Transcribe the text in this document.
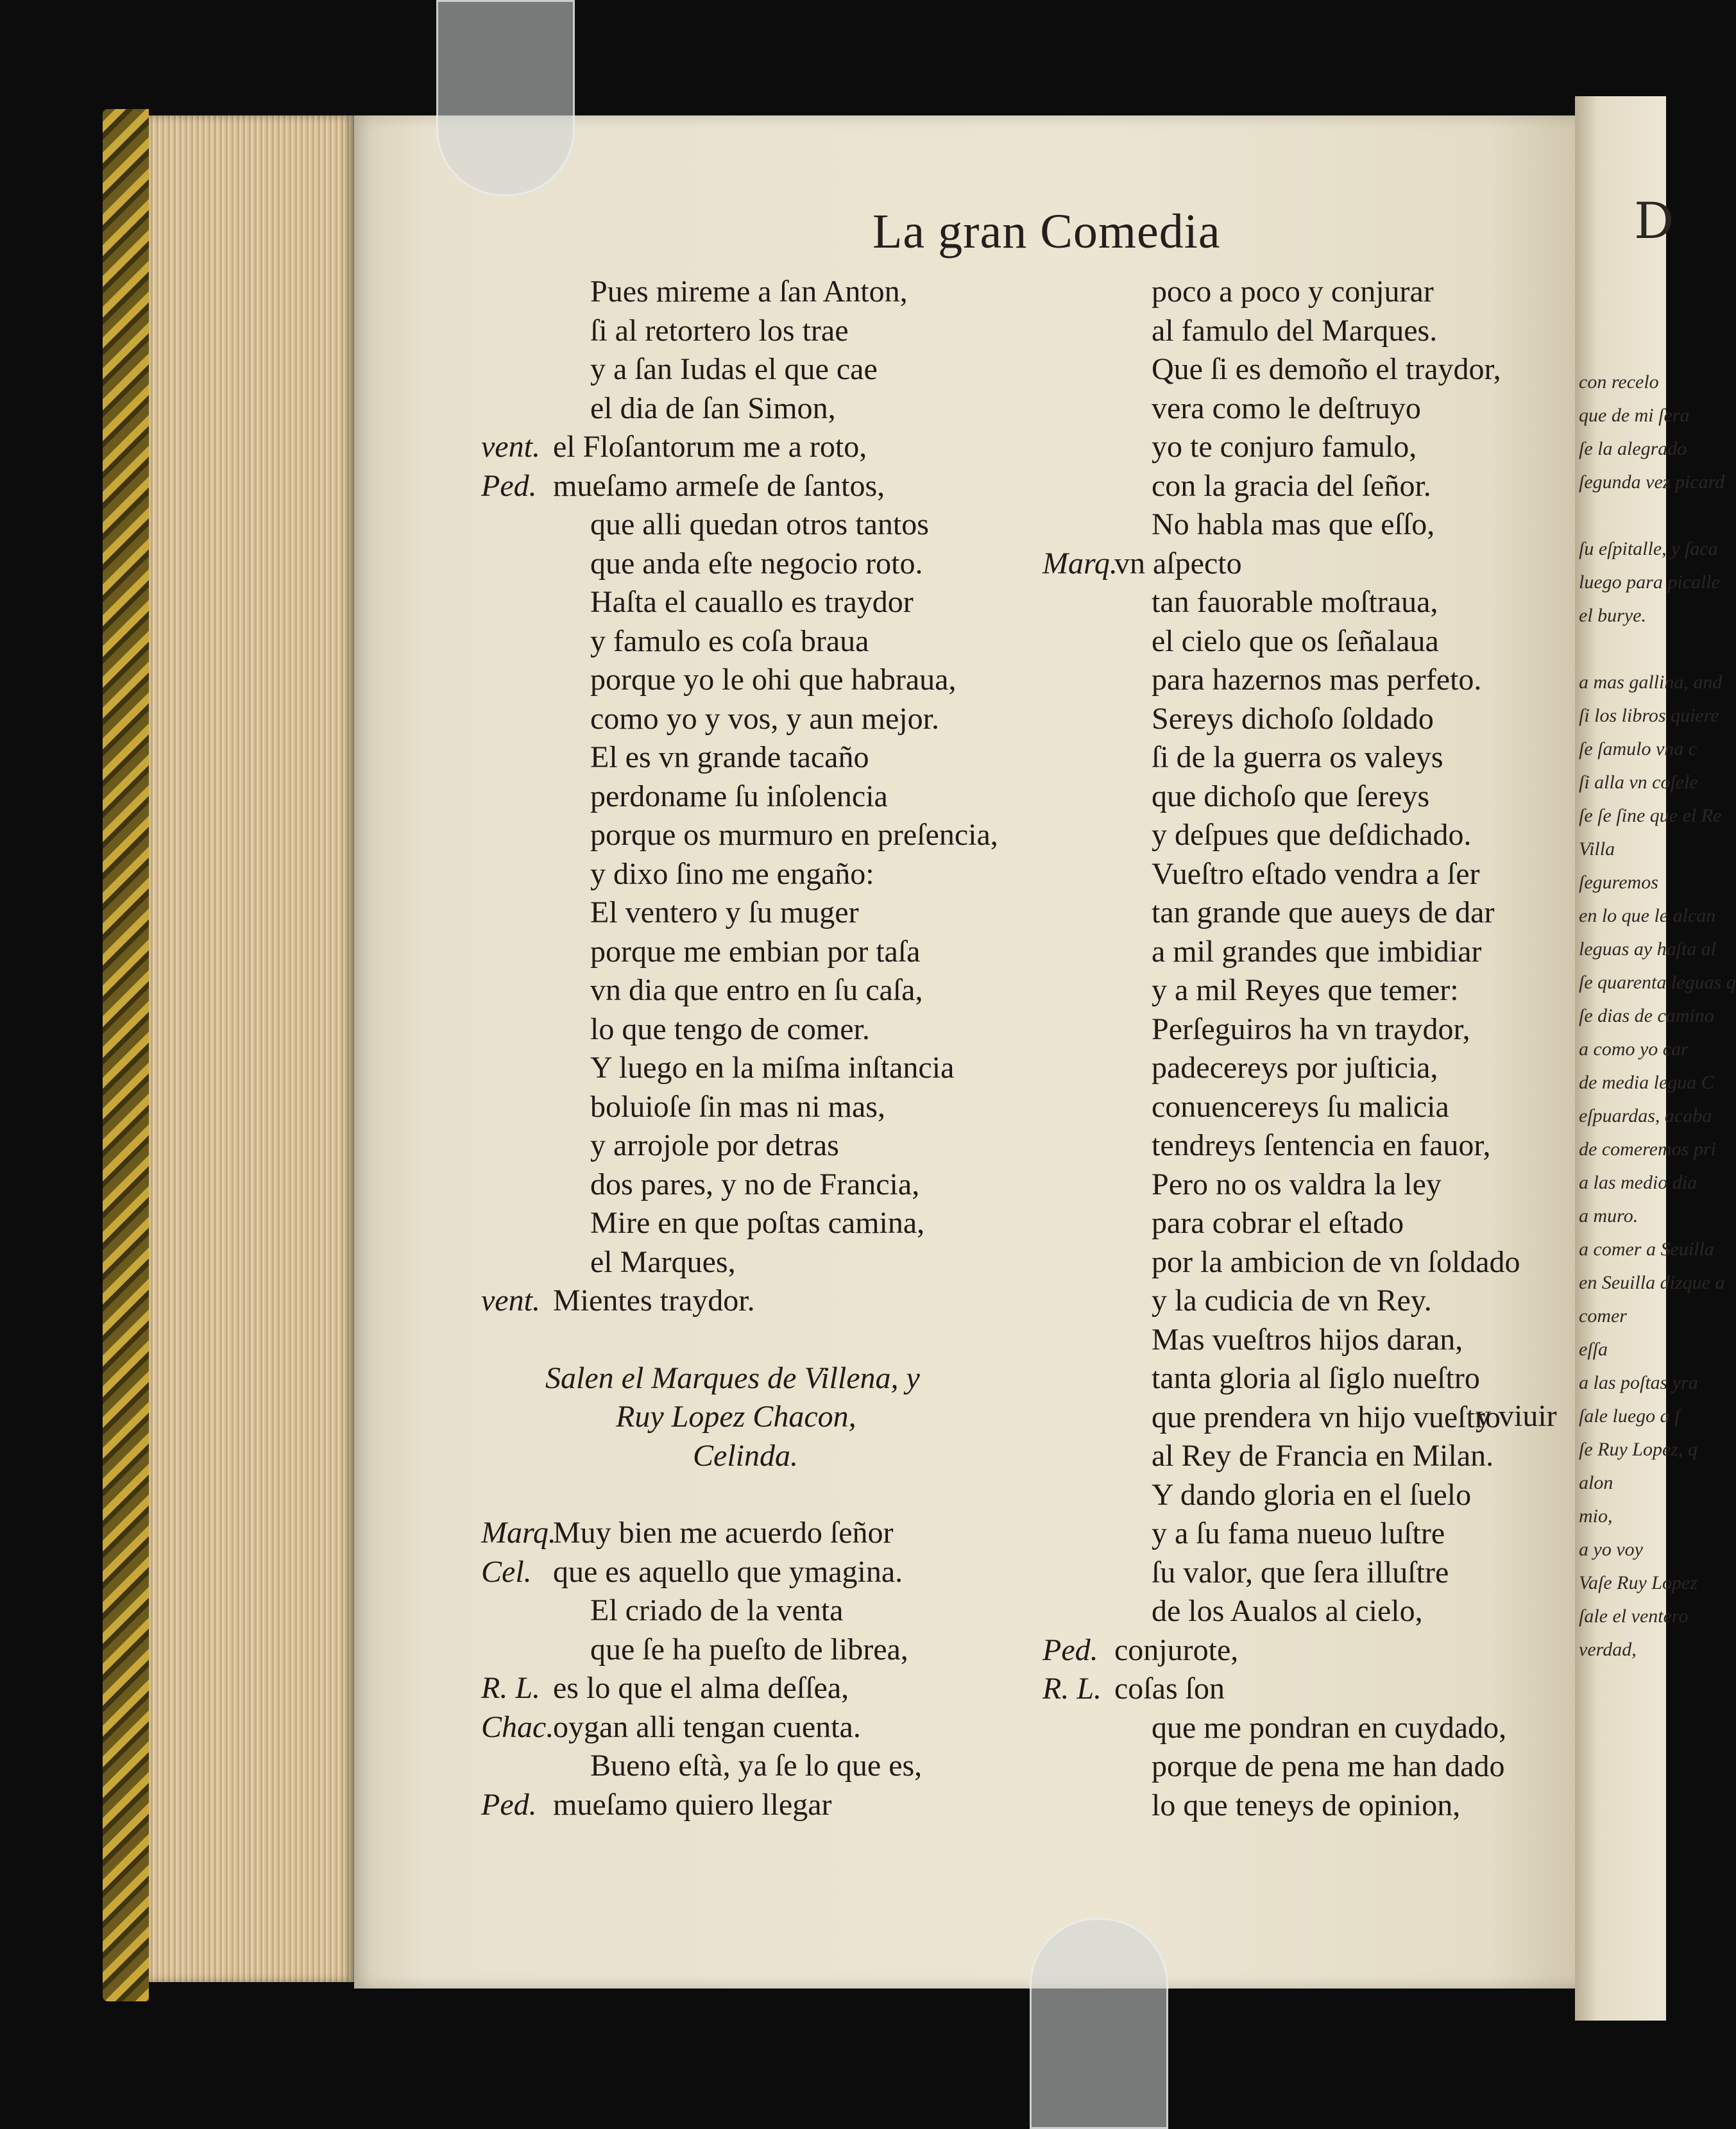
D
con recelo
que de mi ſera
ſe la alegrado
ſegunda vez picard

ſu eſpitalle, y ſaca
luego para picalle
el burye.

a mas gallina, and
ſi los libros quiere
ſe ſamulo vna c
ſi alla vn coſele
ſe ſe ſine que el Re
Villa
ſeguremos
en lo que le alcan
leguas ay haſta al
ſe quarenta leguas q
ſe dias de camino
a como yo car
de media legua C
eſpuardas, acaba
de comeremos pri
a las medio dia
a muro.
a comer a Seuilla
en Seuilla dizque a
comer
eſſa
a las poſtas yra
ſale luego a ſ
ſe Ruy Lopez, q
alon
mio,
a yo voy
Vaſe Ruy Lopez
ſale el ventero
verdad,
La gran Comedia
Pues mireme a ſan Anton,
ſi al retortero los trae
y a ſan Iudas el que cae
el dia de ſan Simon,
vent. el Floſantorum me a roto,
Ped. mueſamo armeſe de ſantos,
que alli quedan otros tantos
que anda eſte negocio roto.
Haſta el cauallo es traydor
y famulo es coſa braua
porque yo le ohi que habraua,
como yo y vos, y aun mejor.
El es vn grande tacaño
perdoname ſu inſolencia
porque os murmuro en preſencia,
y dixo ſino me engaño:
El ventero y ſu muger
porque me embian por taſa
vn dia que entro en ſu caſa,
lo que tengo de comer.
Y luego en la miſma inſtancia
boluioſe ſin mas ni mas,
y arrojole por detras
dos pares, y no de Francia,
Mire en que poſtas camina,
el Marques,
vent. Mientes traydor.
Salen el Marques de Villena, y
Ruy Lopez Chacon,
Celinda.
Marq.Muy bien me acuerdo ſeñor
Cel. que es aquello que ymagina.
El criado de la venta
que ſe ha pueſto de librea,
R. L. es lo que el alma deſſea,
Chac.oygan alli tengan cuenta.
Bueno eſtà, ya ſe lo que es,
Ped. mueſamo quiero llegar
poco a poco y conjurar
al famulo del Marques.
Que ſi es demoño el traydor,
vera como le deſtruyo
yo te conjuro famulo,
con la gracia del ſeñor.
No habla mas que eſſo,
Marq.vn aſpecto
tan fauorable moſtraua,
el cielo que os ſeñalaua
para hazernos mas perfeto.
Sereys dichoſo ſoldado
ſi de la guerra os valeys
que dichoſo que ſereys
y deſpues que deſdichado.
Vueſtro eſtado vendra a ſer
tan grande que aueys de dar
a mil grandes que imbidiar
y a mil Reyes que temer:
Perſeguiros ha vn traydor,
padecereys por juſticia,
conuencereys ſu malicia
tendreys ſentencia en fauor,
Pero no os valdra la ley
para cobrar el eſtado
por la ambicion de vn ſoldado
y la cudicia de vn Rey.
Mas vueſtros hijos daran,
tanta gloria al ſiglo nueſtro
que prendera vn hijo vueſtro
al Rey de Francia en Milan.
Y dando gloria en el ſuelo
y a ſu fama nueuo luſtre
ſu valor, que ſera illuſtre
de los Aualos al cielo,
Ped. conjurote,
R. L. coſas ſon
que me pondran en cuydado,
porque de pena me han dado
lo que teneys de opinion,
y viuir
